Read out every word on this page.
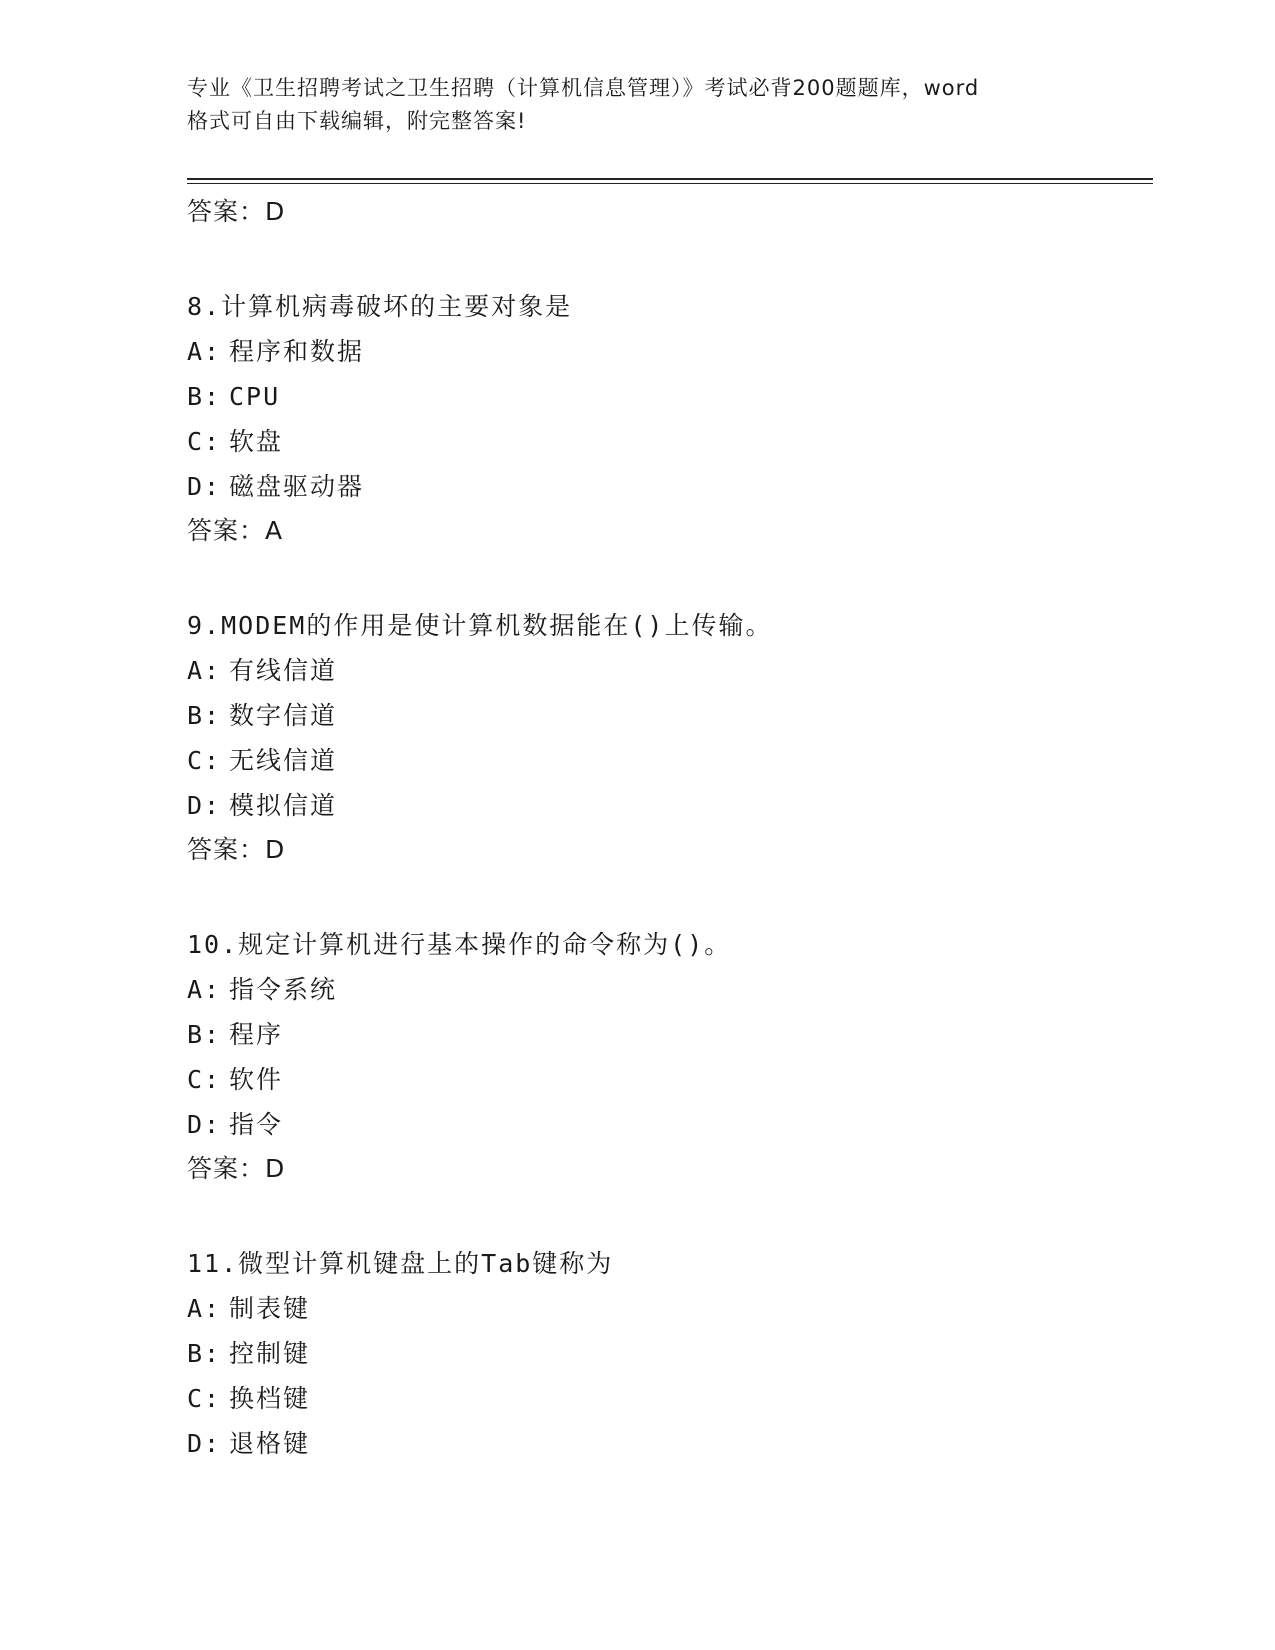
专业《卫生招聘考试之卫生招聘（计算机信息管理）》考试必背200题题库，word
格式可自由下载编辑，附完整答案!
答案：D
8.计算机病毒破坏的主要对象是
A: 程序和数据
B: CPU
C: 软盘
D: 磁盘驱动器
答案：A
9.MODEM的作用是使计算机数据能在()上传输。
A: 有线信道
B: 数字信道
C: 无线信道
D: 模拟信道
答案：D
10.规定计算机进行基本操作的命令称为()。
A: 指令系统
B: 程序
C: 软件
D: 指令
答案：D
11.微型计算机键盘上的Tab键称为
A: 制表键
B: 控制键
C: 换档键
D: 退格键
